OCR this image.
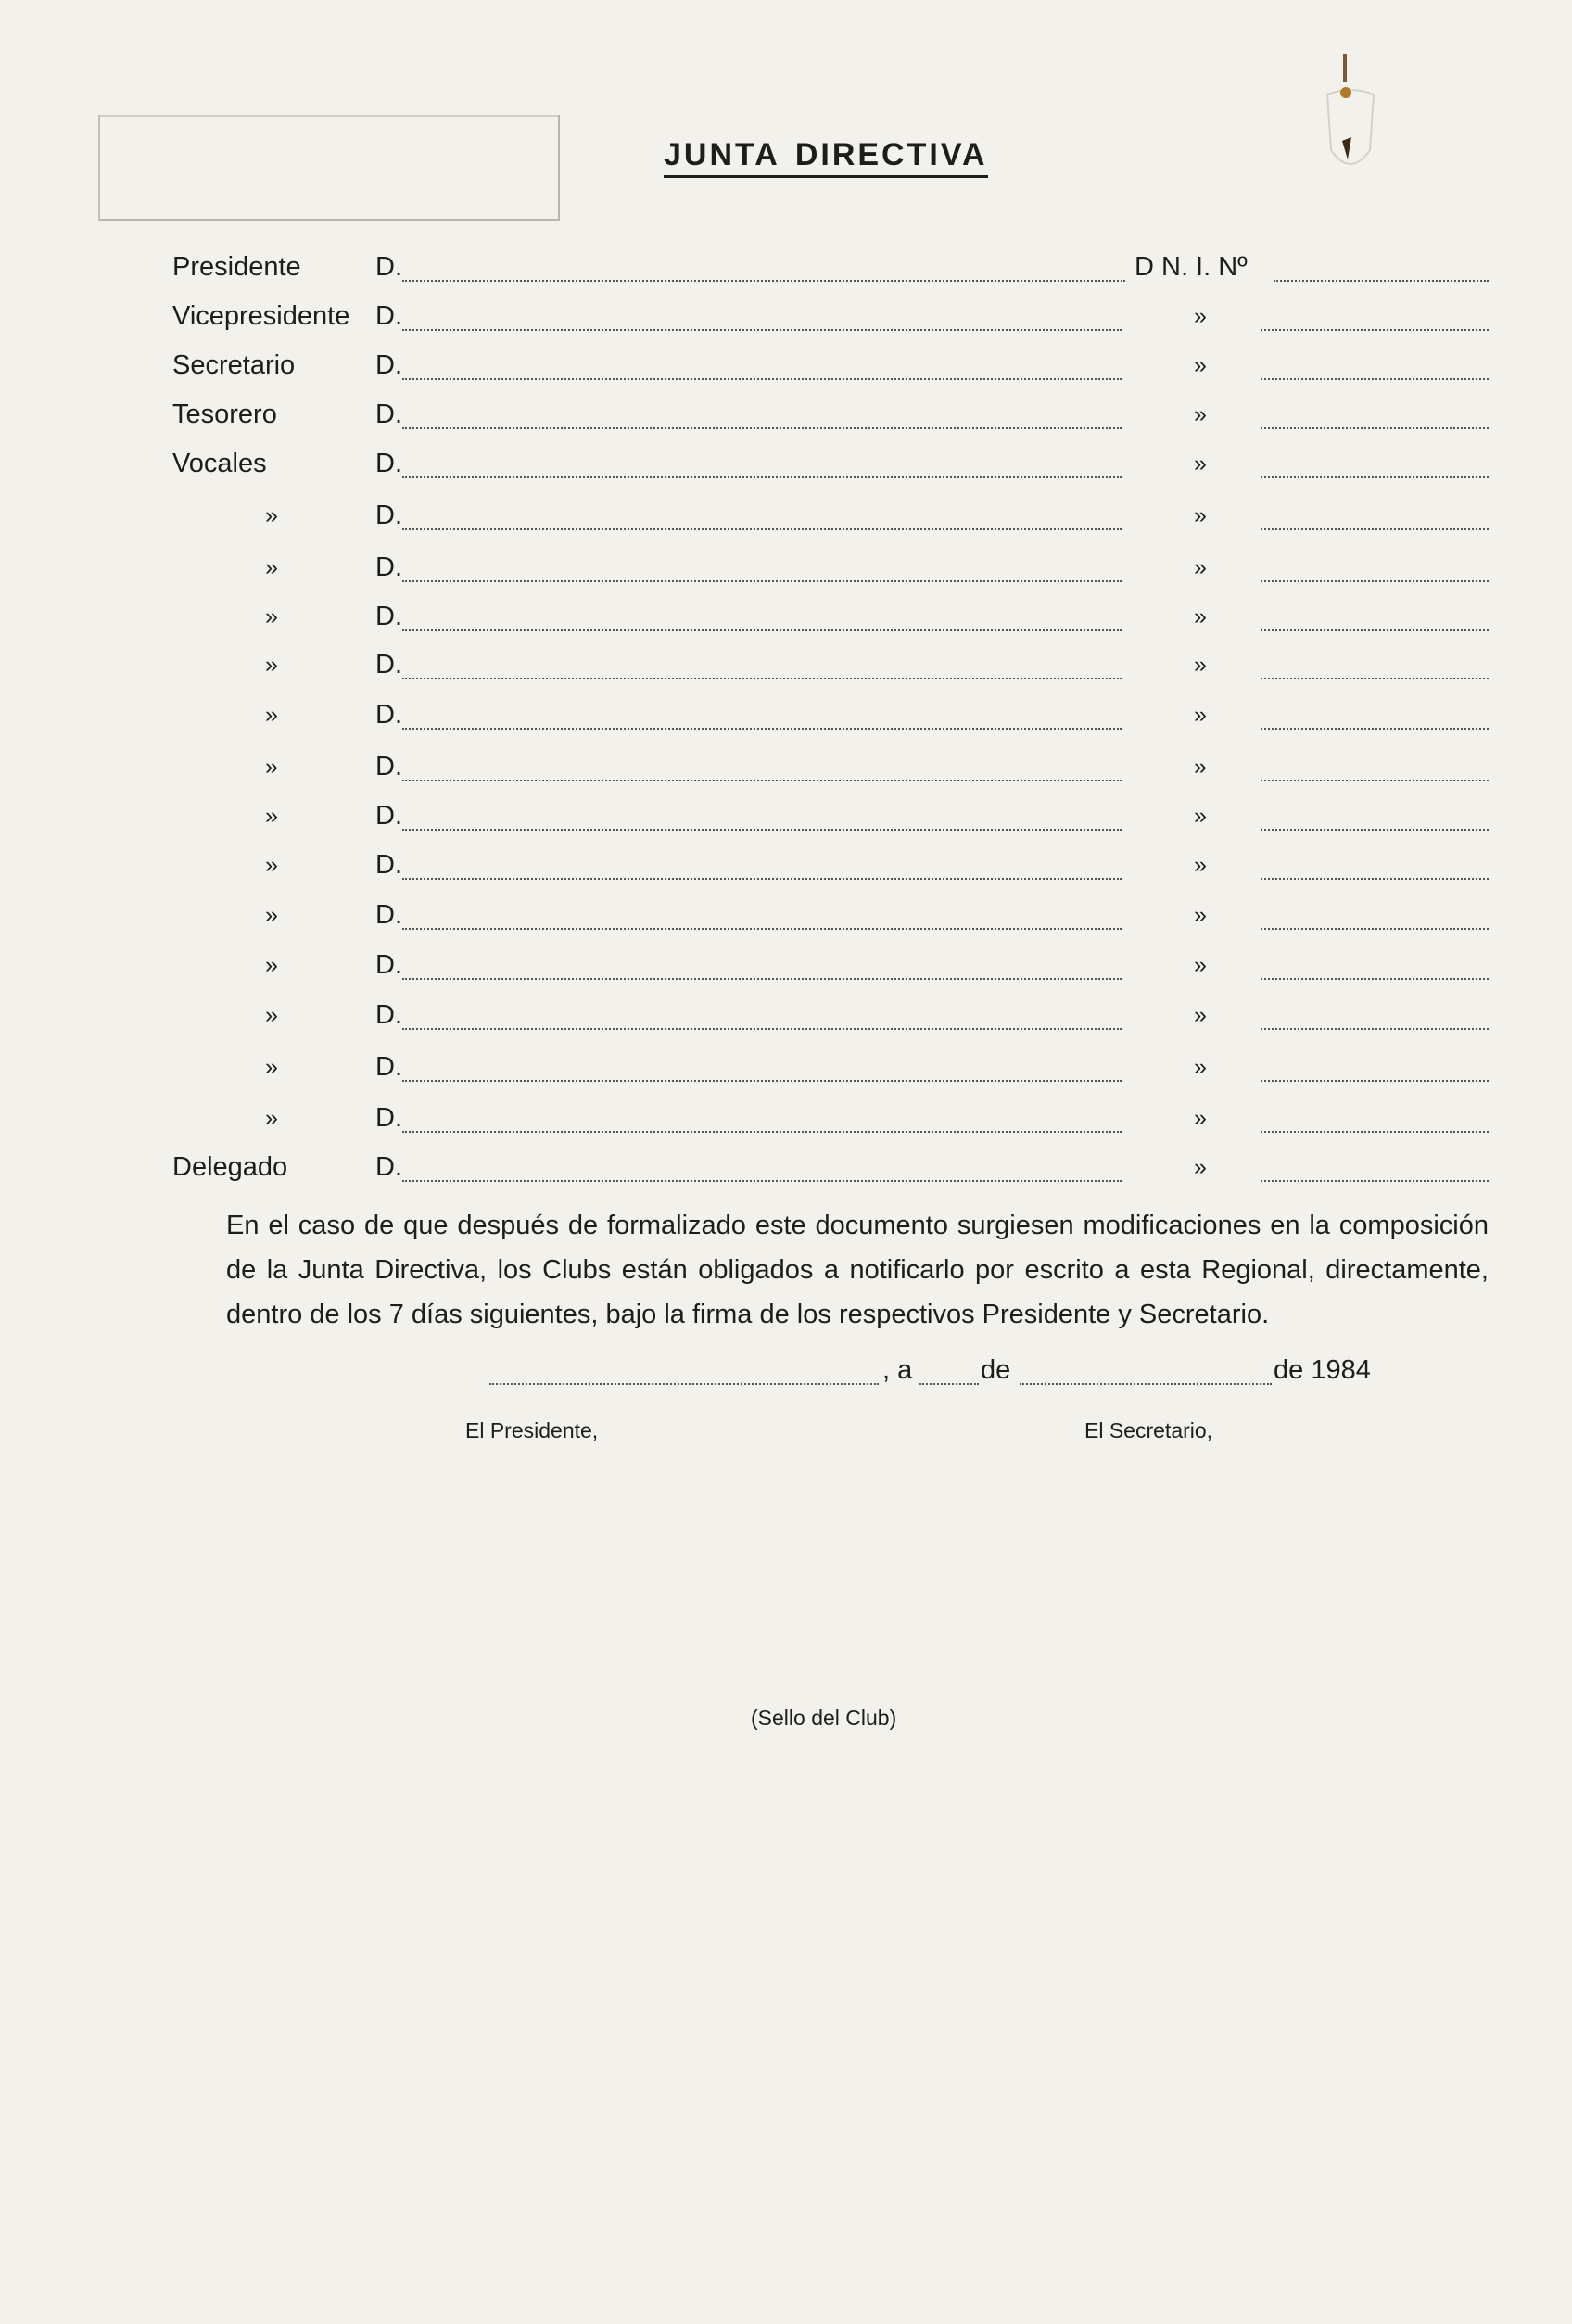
JUNTA DIRECTIVA
Presidente	D.	D N. I. Nº
Vicepresidente D.	»
Secretario	D.	»
Tesorero	D.	»
Vocales	D.	»
»	D.	»
»	D.	»
»	D.	»
»	D.	»
»	D.	»
»	D.	»
»	D.	»
»	D.	»
»	D.	»
»	D.	»
»	D.	»
»	D.	»
»	D.	»
Delegado	D.	»
En el caso de que después de formalizado este documento surgiesen modificaciones en la composición de la Junta Directiva, los Clubs están obligados a notificarlo por escrito a esta Regional, directamente, dentro de los 7 días siguientes, bajo la firma de los respectivos Presidente y Secretario.
, a	de	de 1984
El Presidente,	El Secretario,
(Sello del Club)
